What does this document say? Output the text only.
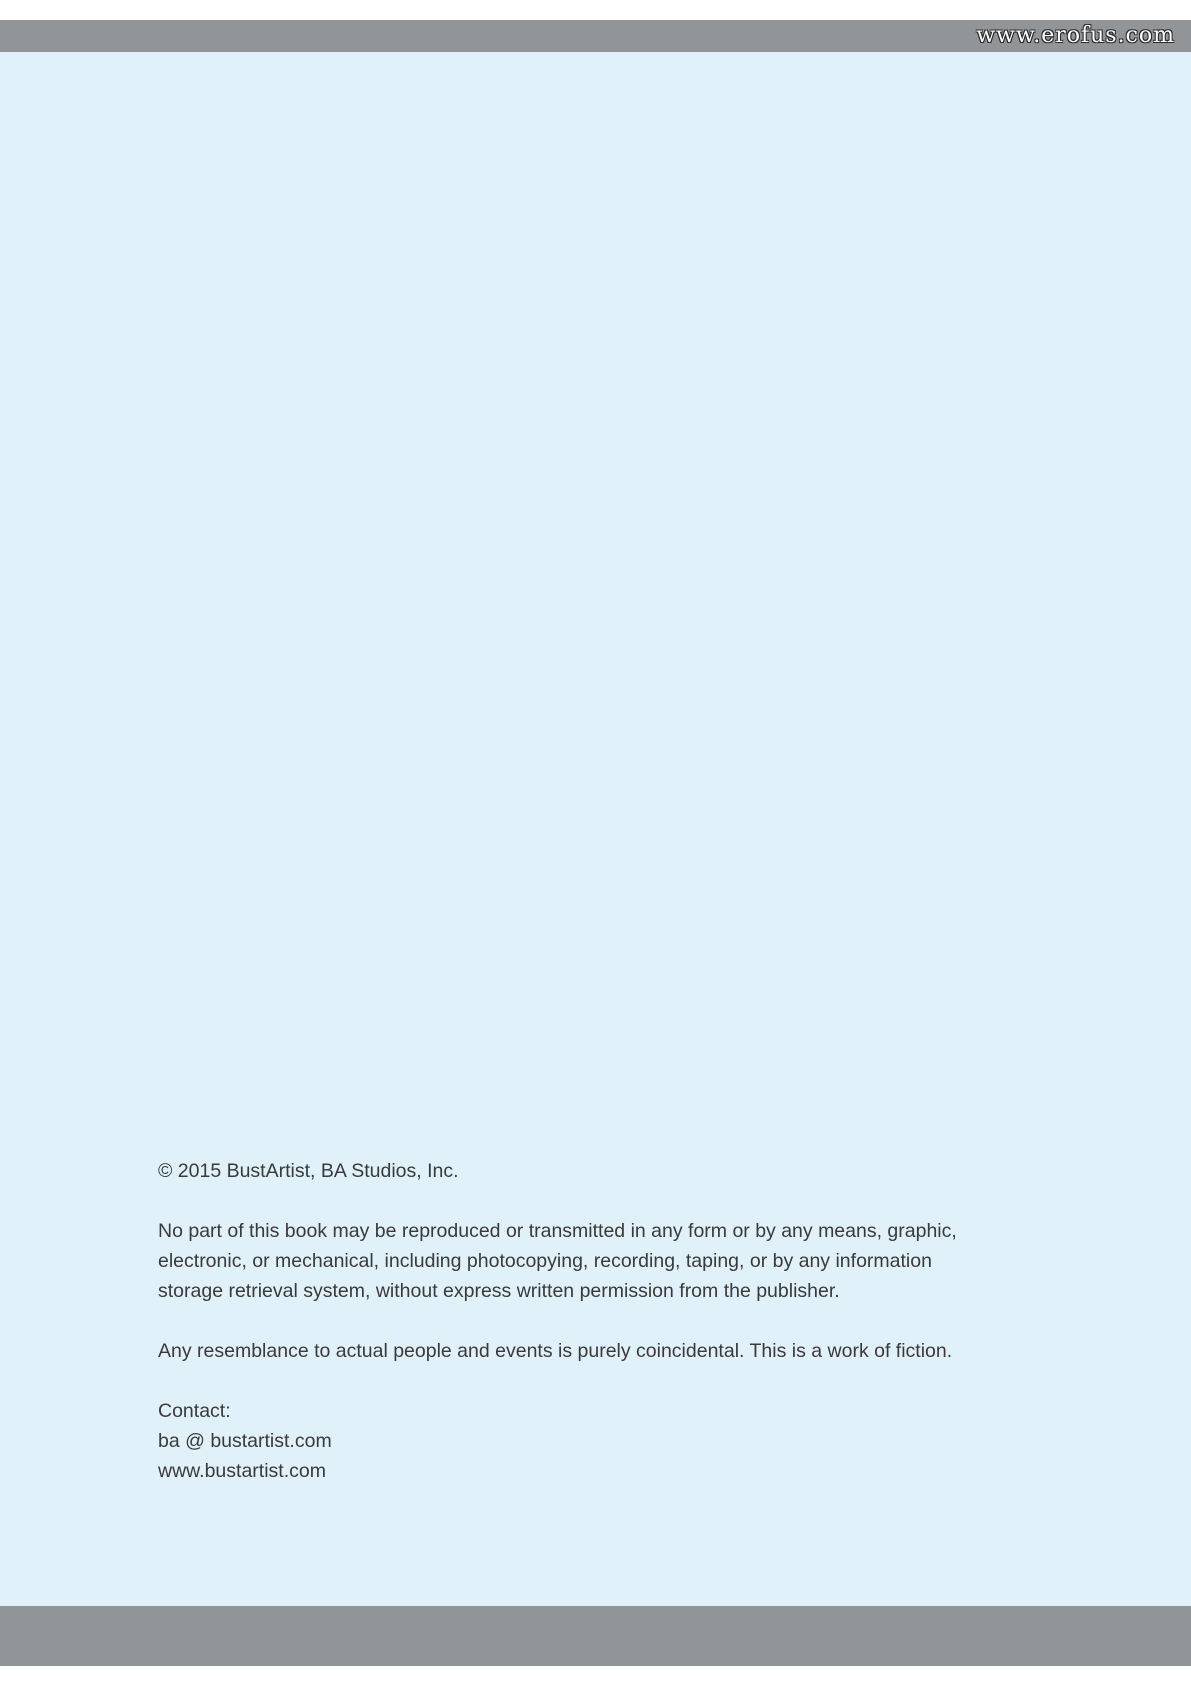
www.erofus.com

© 2015 BustArtist, BA Studios, Inc.

No part of this book may be reproduced or transmitted in any form or by any means, graphic,

electronic, or mechanical, including photocopying, recording, taping, or by any information

storage retrieval system, without express written permission from the publisher.

Any resemblance to actual people and events is purely coincidental. This is a work of fiction.

Contact:

ba @ bustartist.com

www.bustartist.com
